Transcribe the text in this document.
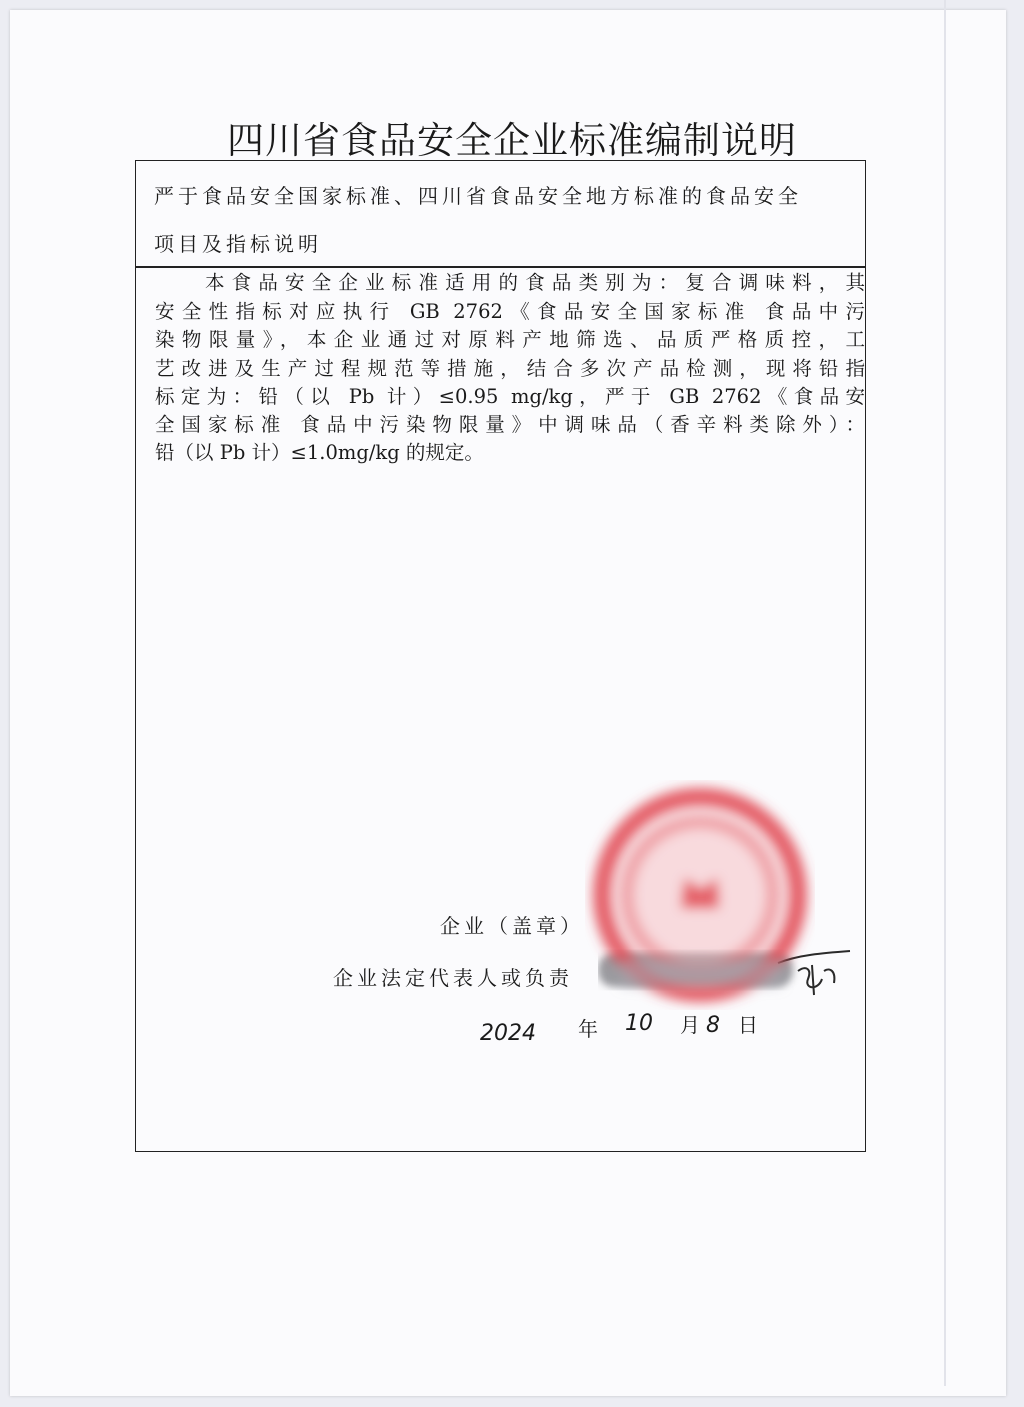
四川省食品安全企业标准编制说明
严于食品安全国家标准、四川省食品安全地方标准的食品安全
项目及指标说明
本食品安全企业标准适用的食品类别为：复合调味料，其
安全性指标对应执行 GB 2762《食品安全国家标准 食品中污
染物限量》，本企业通过对原料产地筛选、品质严格质控，工
艺改进及生产过程规范等措施，结合多次产品检测，现将铅指
标定为：铅（以 Pb 计）≤0.95 mg/kg，严于 GB 2762《食品安
全国家标准 食品中污染物限量》中调味品（香辛料类除外）：
铅（以 Pb 计）≤1.0mg/kg 的规定。
企业（盖章）
企业法定代表人或负责
2024 年 10 月 8 日
